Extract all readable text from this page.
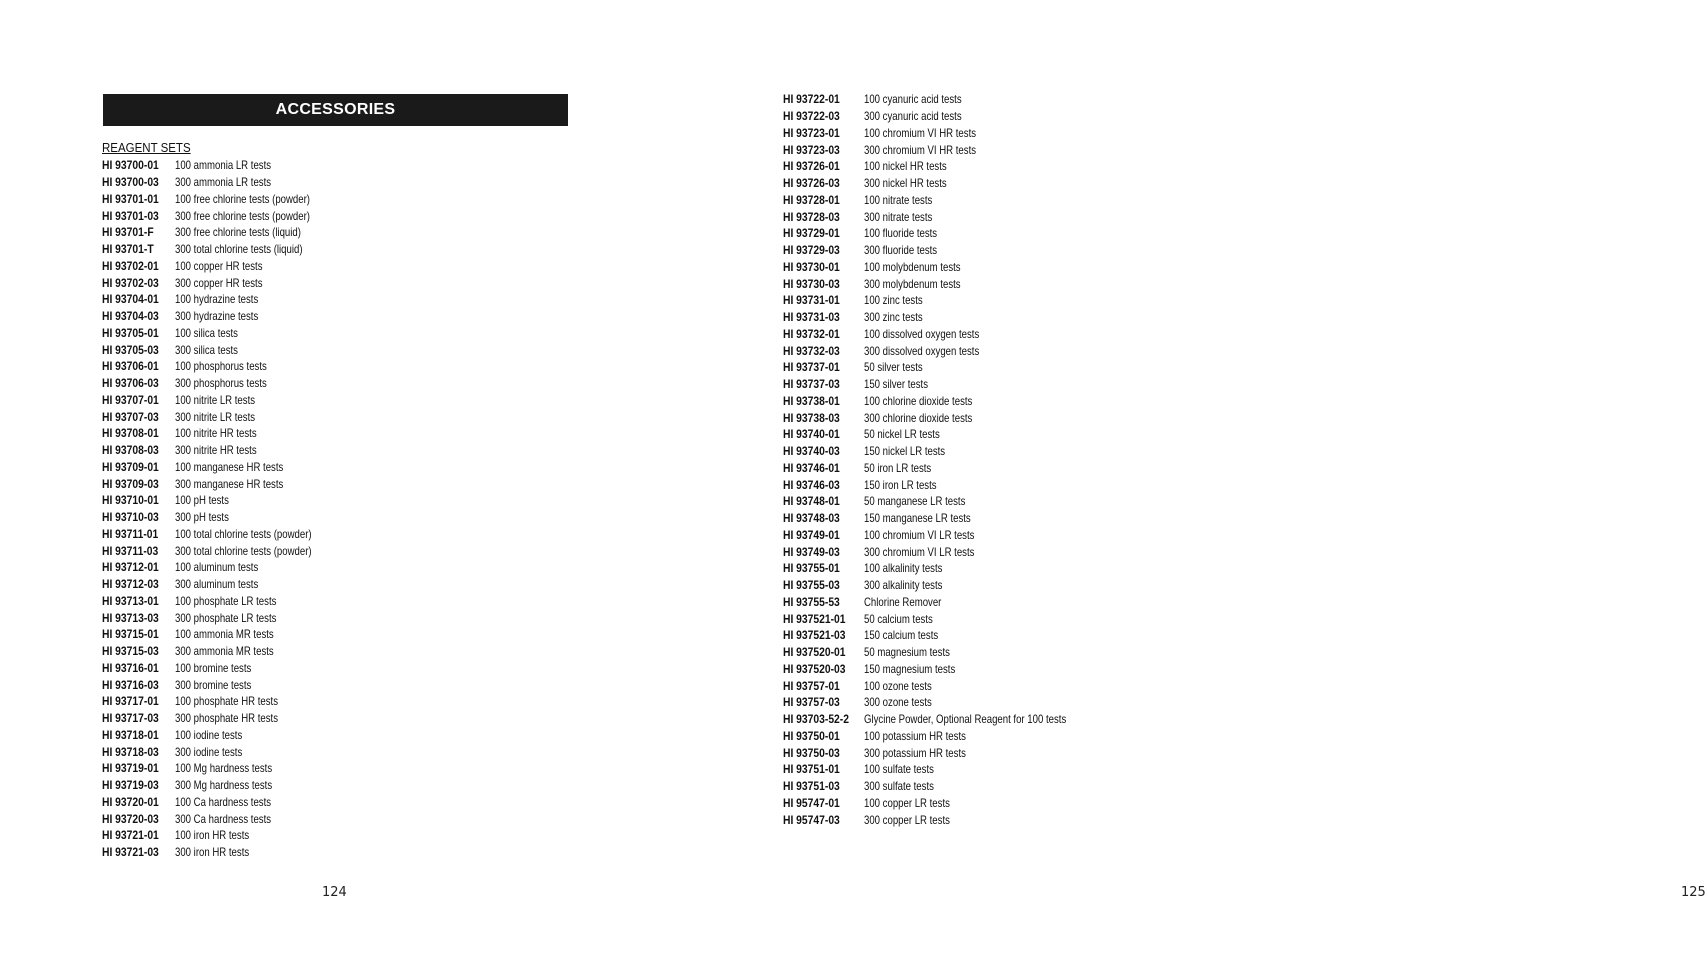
ACCESSORIES
REAGENT SETS
HI 93700-01	100 ammonia LR tests
HI 93700-03	300 ammonia LR tests
HI 93701-01	100 free chlorine tests (powder)
HI 93701-03	300 free chlorine tests (powder)
HI 93701-F	300 free chlorine tests (liquid)
HI 93701-T	300 total chlorine tests (liquid)
HI 93702-01	100 copper HR tests
HI 93702-03	300 copper HR tests
HI 93704-01	100 hydrazine tests
HI 93704-03	300 hydrazine tests
HI 93705-01	100 silica tests
HI 93705-03	300 silica tests
HI 93706-01	100 phosphorus tests
HI 93706-03	300 phosphorus tests
HI 93707-01	100 nitrite LR tests
HI 93707-03	300 nitrite LR tests
HI 93708-01	100 nitrite HR tests
HI 93708-03	300 nitrite HR tests
HI 93709-01	100 manganese HR tests
HI 93709-03	300 manganese HR tests
HI 93710-01	100 pH tests
HI 93710-03	300 pH tests
HI 93711-01	100 total chlorine tests (powder)
HI 93711-03	300 total chlorine tests (powder)
HI 93712-01	100 aluminum tests
HI 93712-03	300 aluminum tests
HI 93713-01	100 phosphate LR tests
HI 93713-03	300 phosphate LR tests
HI 93715-01	100 ammonia MR tests
HI 93715-03	300 ammonia MR tests
HI 93716-01	100 bromine tests
HI 93716-03	300 bromine tests
HI 93717-01	100 phosphate HR tests
HI 93717-03	300 phosphate HR tests
HI 93718-01	100 iodine tests
HI 93718-03	300 iodine tests
HI 93719-01	100 Mg hardness tests
HI 93719-03	300 Mg hardness tests
HI 93720-01	100 Ca hardness tests
HI 93720-03	300 Ca hardness tests
HI 93721-01	100 iron HR tests
HI 93721-03	300 iron HR tests
124	125
HI 93722-01	100 cyanuric acid tests
HI 93722-03	300 cyanuric acid tests
HI 93723-01	100 chromium VI HR tests
HI 93723-03	300 chromium VI HR tests
HI 93726-01	100 nickel HR tests
HI 93726-03	300 nickel HR tests
HI 93728-01	100 nitrate tests
HI 93728-03	300 nitrate tests
HI 93729-01	100 fluoride tests
HI 93729-03	300 fluoride tests
HI 93730-01	100 molybdenum tests
HI 93730-03	300 molybdenum tests
HI 93731-01	100 zinc tests
HI 93731-03	300 zinc tests
HI 93732-01	100 dissolved oxygen tests
HI 93732-03	300 dissolved oxygen tests
HI 93737-01	50 silver tests
HI 93737-03	150 silver tests
HI 93738-01	100 chlorine dioxide tests
HI 93738-03	300 chlorine dioxide tests
HI 93740-01	50 nickel LR tests
HI 93740-03	150 nickel LR tests
HI 93746-01	50 iron LR tests
HI 93746-03	150 iron LR tests
HI 93748-01	50 manganese LR tests
HI 93748-03	150 manganese LR tests
HI 93749-01	100 chromium VI LR tests
HI 93749-03	300 chromium VI LR tests
HI 93755-01	100 alkalinity tests
HI 93755-03	300 alkalinity tests
HI 93755-53	Chlorine Remover
HI 937521-01	50 calcium tests
HI 937521-03	150 calcium tests
HI 937520-01	50 magnesium tests
HI 937520-03	150 magnesium tests
HI 93757-01	100 ozone tests
HI 93757-03	300 ozone tests
HI 93703-52-2	Glycine Powder, Optional Reagent for 100 tests
HI 93750-01	100 potassium HR tests
HI 93750-03	300 potassium HR tests
HI 93751-01	100 sulfate tests
HI 93751-03	300 sulfate tests
HI 95747-01	100 copper LR tests
HI 95747-03	300 copper LR tests
